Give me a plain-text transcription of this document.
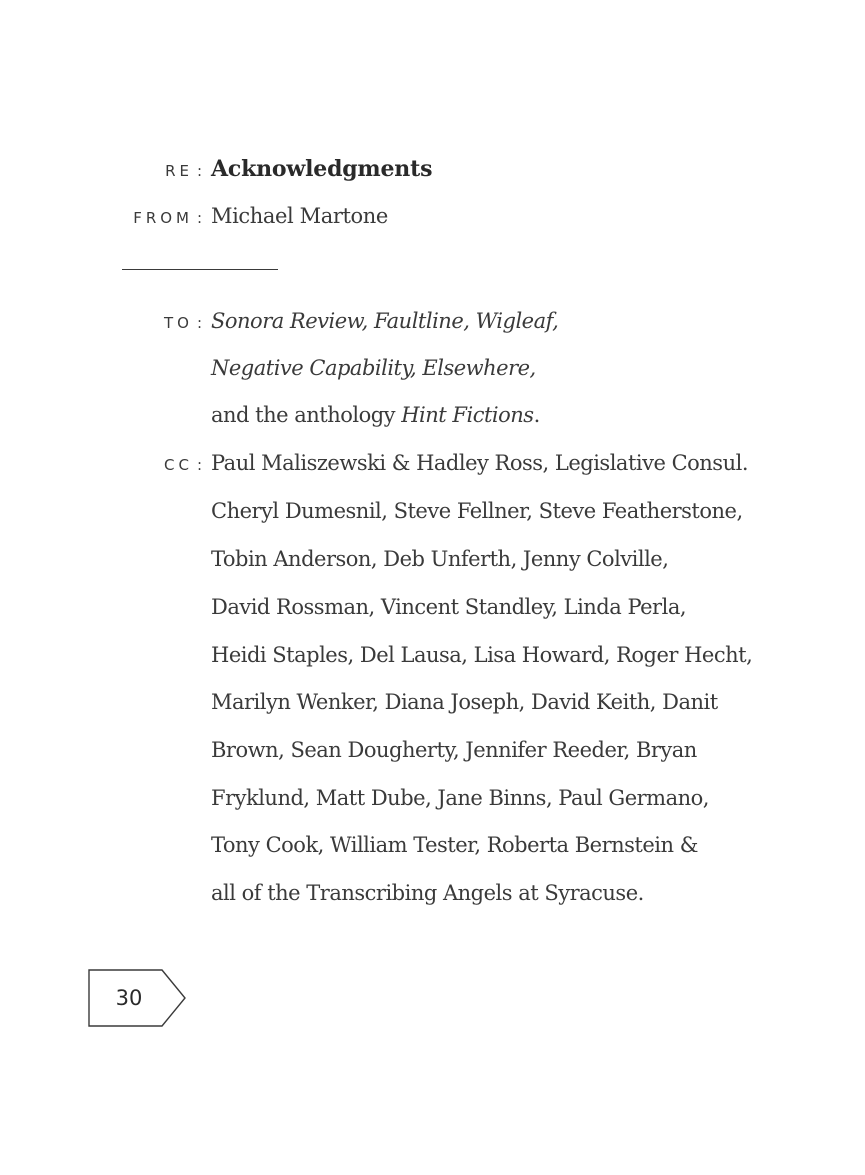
RE : Acknowledgments
FROM : Michael Martone
TO : Sonora Review, Faultline, Wigleaf,
Negative Capability, Elsewhere,
and the anthology Hint Fictions.
CC : Paul Maliszewski & Hadley Ross, Legislative Consul.
Cheryl Dumesnil, Steve Fellner, Steve Featherstone,
Tobin Anderson, Deb Unferth, Jenny Colville,
David Rossman, Vincent Standley, Linda Perla,
Heidi Staples, Del Lausa, Lisa Howard, Roger Hecht,
Marilyn Wenker, Diana Joseph, David Keith, Danit
Brown, Sean Dougherty, Jennifer Reeder, Bryan
Fryklund, Matt Dube, Jane Binns, Paul Germano,
Tony Cook, William Tester, Roberta Bernstein &
all of the Transcribing Angels at Syracuse.
30
